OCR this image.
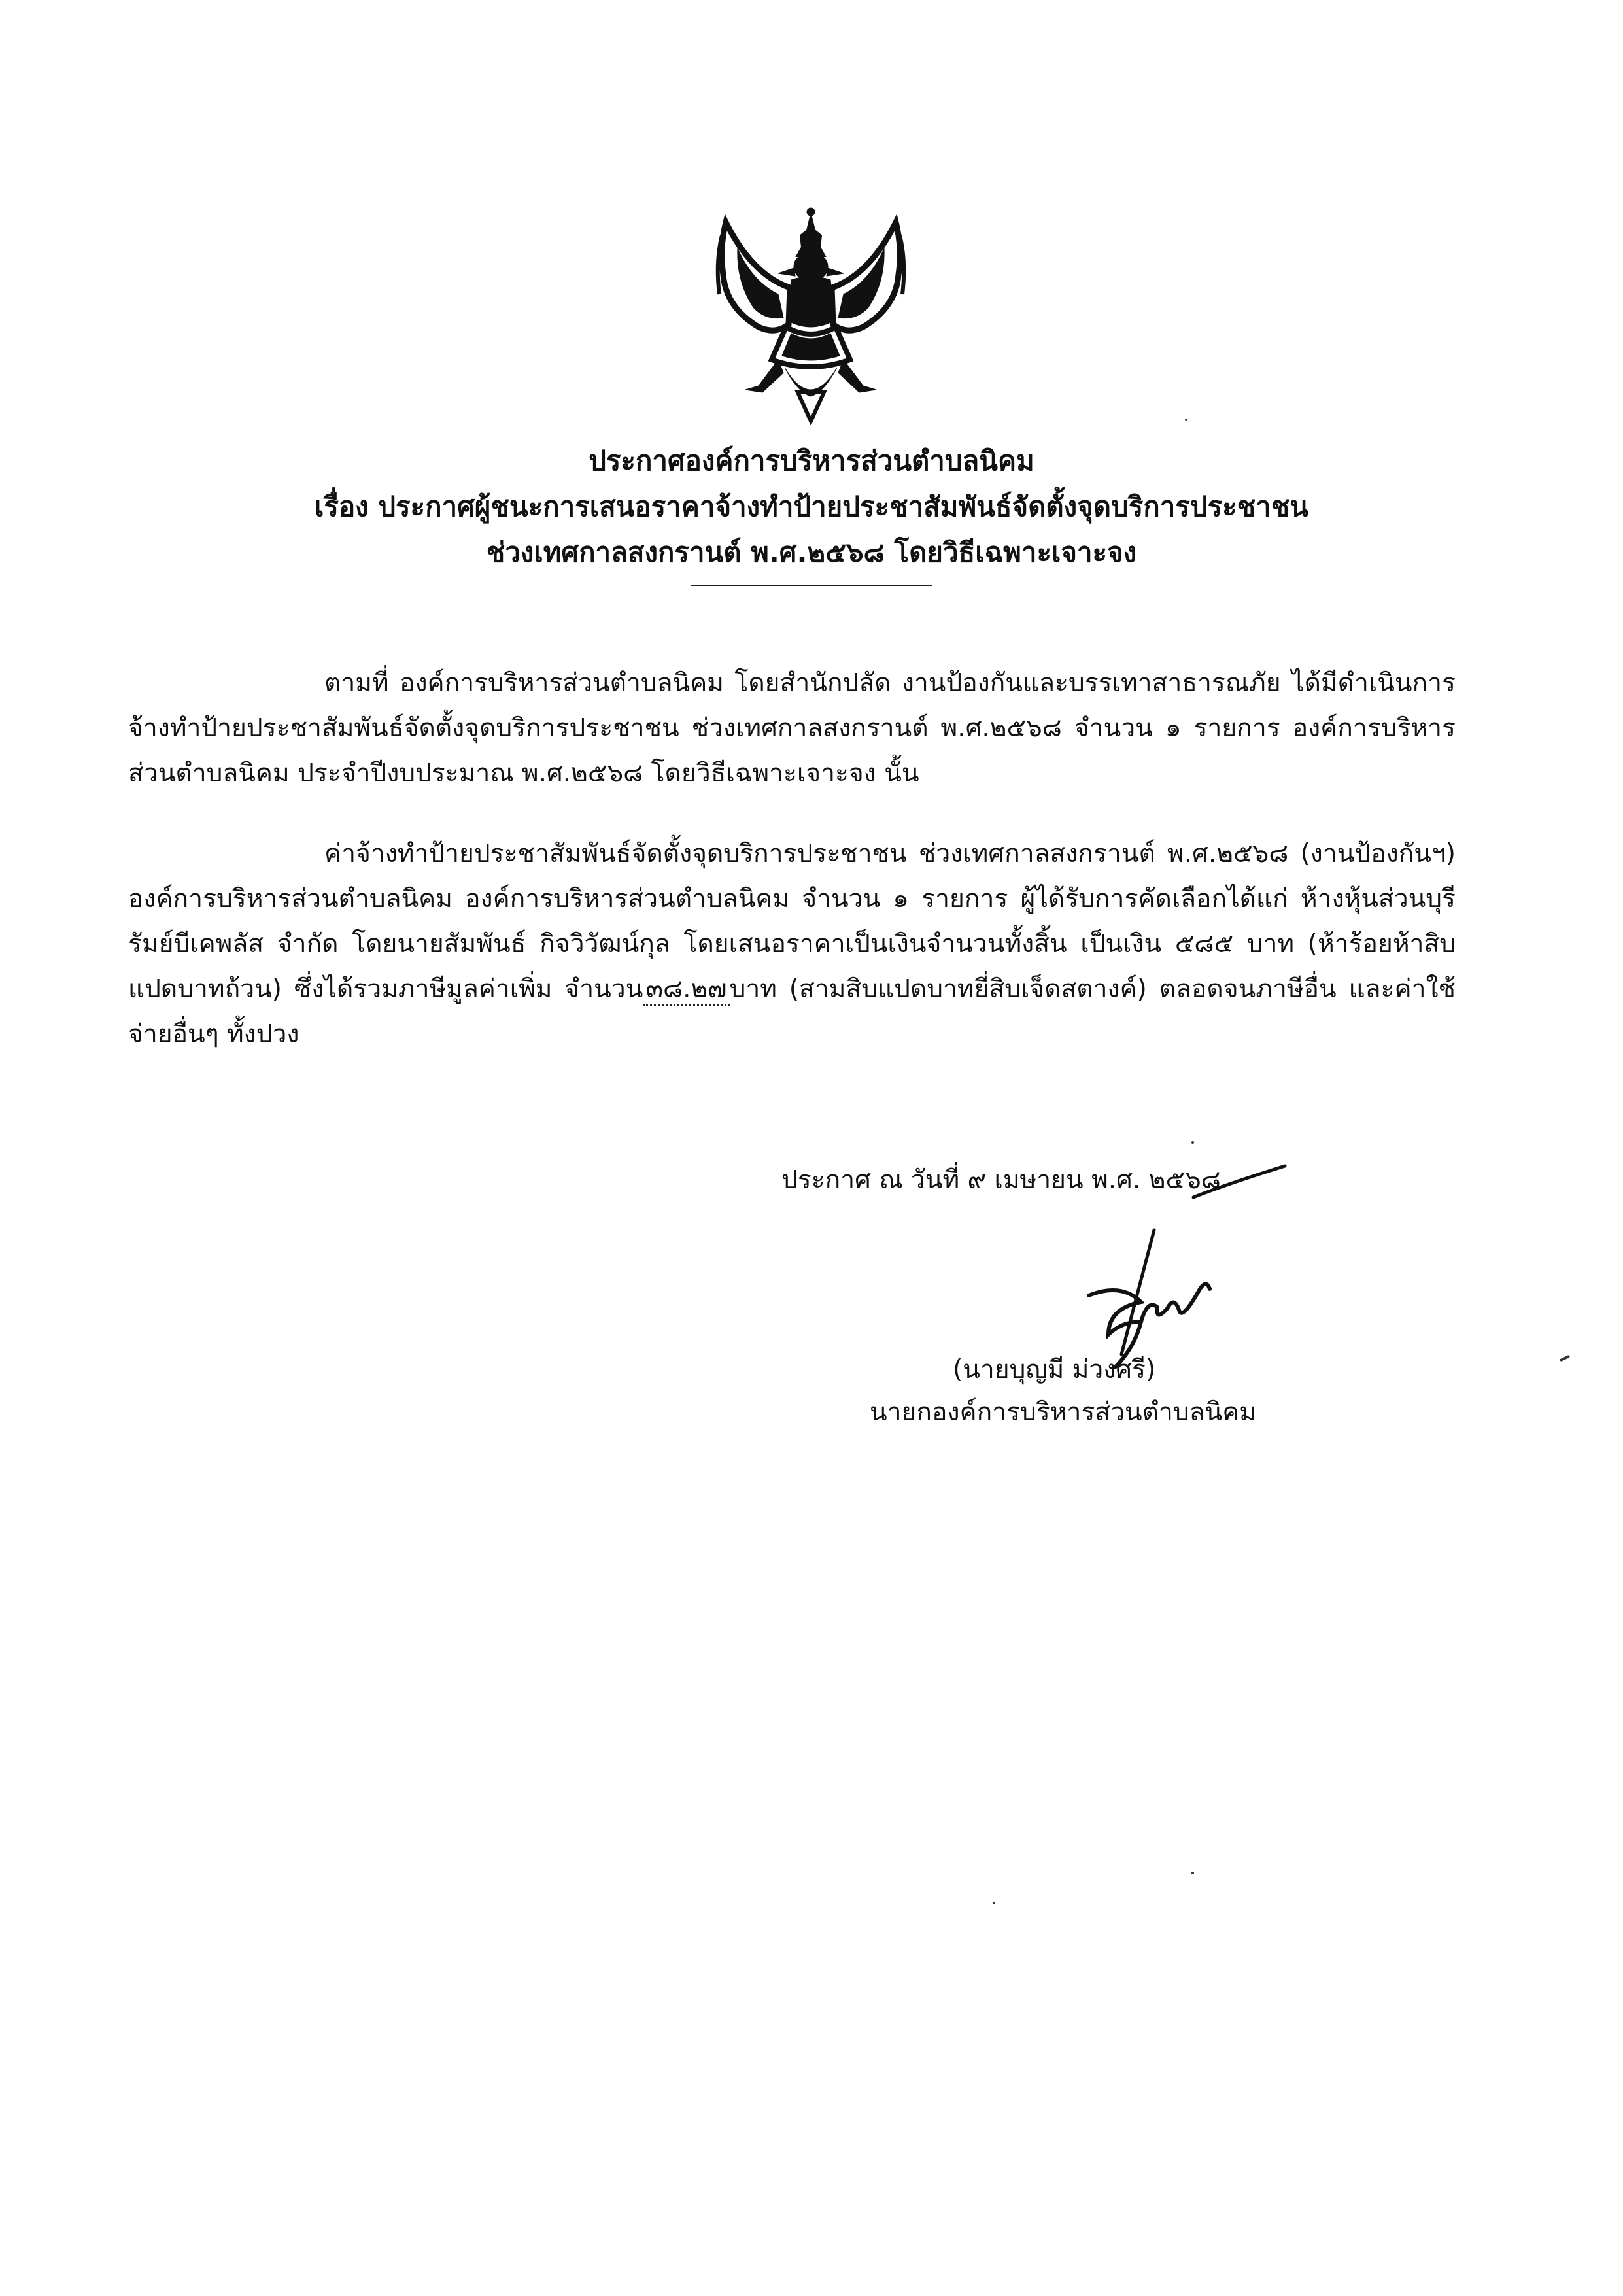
ประกาศองค์การบริหารส่วนตำบลนิคม
เรื่อง ประกาศผู้ชนะการเสนอราคาจ้างทำป้ายประชาสัมพันธ์จัดตั้งจุดบริการประชาชน
ช่วงเทศกาลสงกรานต์ พ.ศ.๒๕๖๘ โดยวิธีเฉพาะเจาะจง

ตามที่ องค์การบริหารส่วนตำบลนิคม โดยสำนักปลัด งานป้องกันและบรรเทาสาธารณภัย ได้มีดำเนินการจ้างทำป้ายประชาสัมพันธ์จัดตั้งจุดบริการประชาชน ช่วงเทศกาลสงกรานต์ พ.ศ.๒๕๖๘ จำนวน ๑ รายการ องค์การบริหารส่วนตำบลนิคม ประจำปีงบประมาณ พ.ศ.๒๕๖๘ โดยวิธีเฉพาะเจาะจง นั้น

ค่าจ้างทำป้ายประชาสัมพันธ์จัดตั้งจุดบริการประชาชน ช่วงเทศกาลสงกรานต์ พ.ศ.๒๕๖๘ (งานป้องกันฯ) องค์การบริหารส่วนตำบลนิคม องค์การบริหารส่วนตำบลนิคม จำนวน ๑ รายการ ผู้ได้รับการคัดเลือกได้แก่ ห้างหุ้นส่วนบุรีรัมย์บีเคพลัส จำกัด โดยนายสัมพันธ์ กิจวิวัฒน์กุล โดยเสนอราคาเป็นเงินจำนวนทั้งสิ้น เป็นเงิน ๕๘๕ บาท (ห้าร้อยห้าสิบแปดบาทถ้วน) ซึ่งได้รวมภาษีมูลค่าเพิ่ม จำนวน ๓๘.๒๗ บาท (สามสิบแปดบาทยี่สิบเจ็ดสตางค์) ตลอดจนภาษีอื่น และค่าใช้จ่ายอื่นๆ ทั้งปวง

ประกาศ ณ วันที่ ๙ เมษายน พ.ศ. ๒๕๖๘
(นายบุญมี ม่วงศรี)
นายกองค์การบริหารส่วนตำบลนิคม
